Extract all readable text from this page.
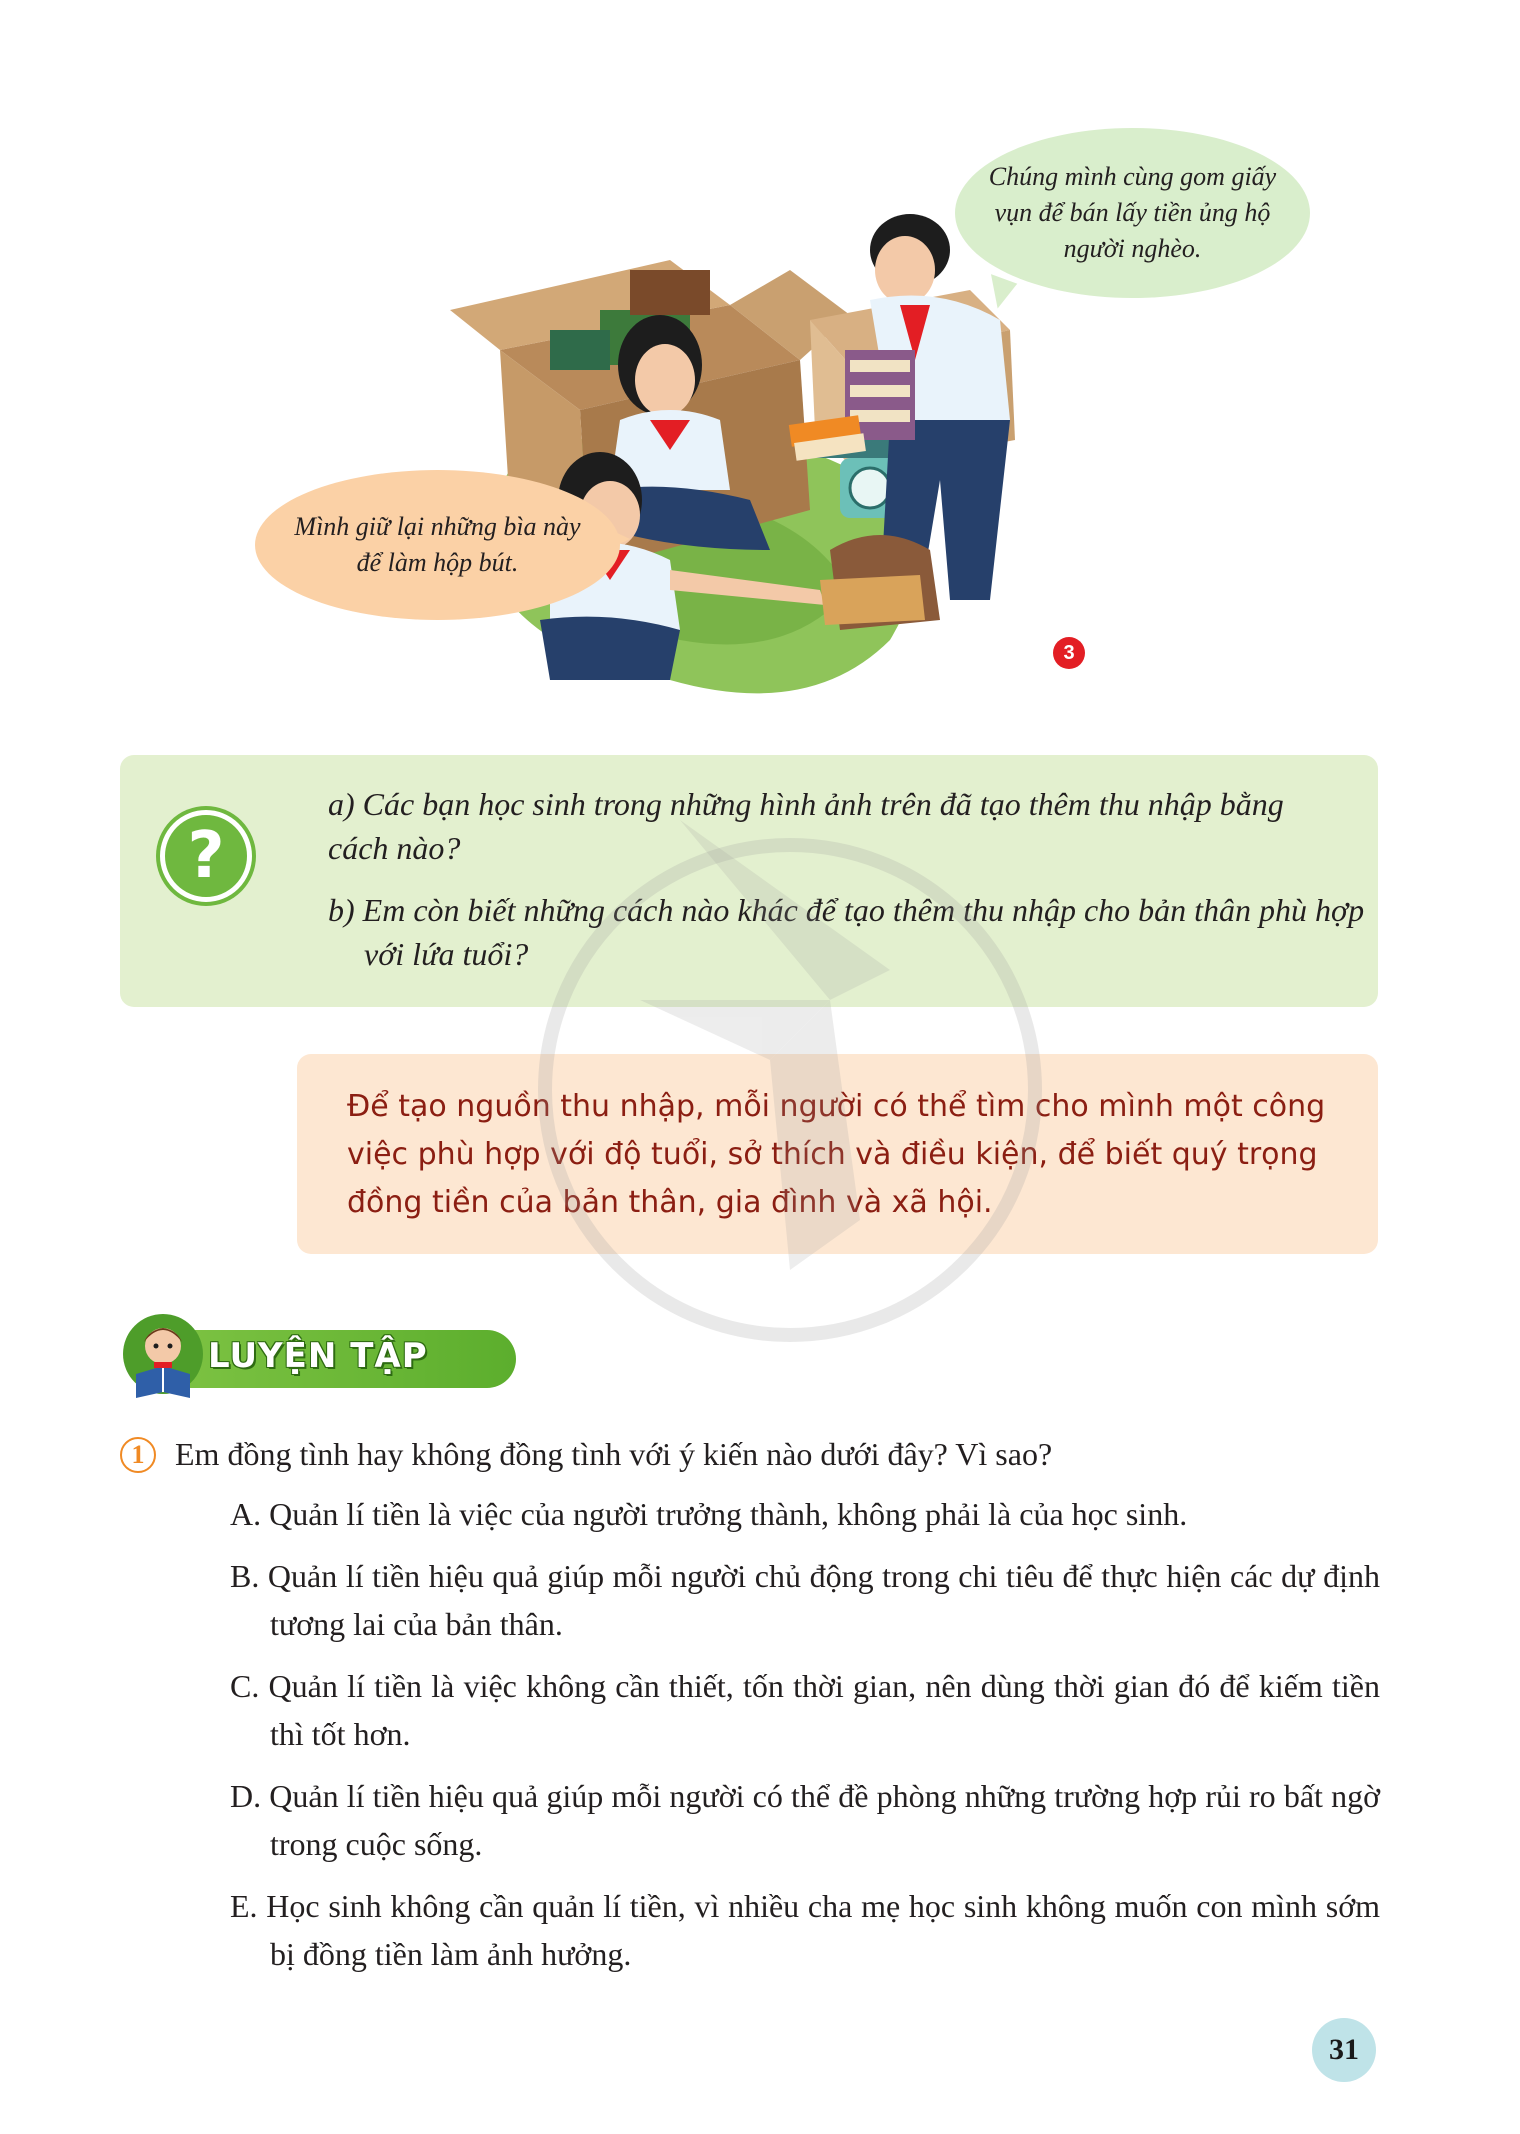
Chúng mình cùng gom giấy vụn để bán lấy tiền ủng hộ người nghèo.
Mình giữ lại những bìa này để làm hộp bút.
3
?
a) Các bạn học sinh trong những hình ảnh trên đã tạo thêm thu nhập bằng cách nào?
b) Em còn biết những cách nào khác để tạo thêm thu nhập cho bản thân phù hợp với lứa tuổi?
Để tạo nguồn thu nhập, mỗi người có thể tìm cho mình một công việc phù hợp với độ tuổi, sở thích và điều kiện, để biết quý trọng đồng tiền của bản thân, gia đình và xã hội.
LUYỆN TẬP
1 Em đồng tình hay không đồng tình với ý kiến nào dưới đây? Vì sao?
A. Quản lí tiền là việc của người trưởng thành, không phải là của học sinh.
B. Quản lí tiền hiệu quả giúp mỗi người chủ động trong chi tiêu để thực hiện các dự định tương lai của bản thân.
C. Quản lí tiền là việc không cần thiết, tốn thời gian, nên dùng thời gian đó để kiếm tiền thì tốt hơn.
D. Quản lí tiền hiệu quả giúp mỗi người có thể đề phòng những trường hợp rủi ro bất ngờ trong cuộc sống.
E. Học sinh không cần quản lí tiền, vì nhiều cha mẹ học sinh không muốn con mình sớm bị đồng tiền làm ảnh hưởng.
31
